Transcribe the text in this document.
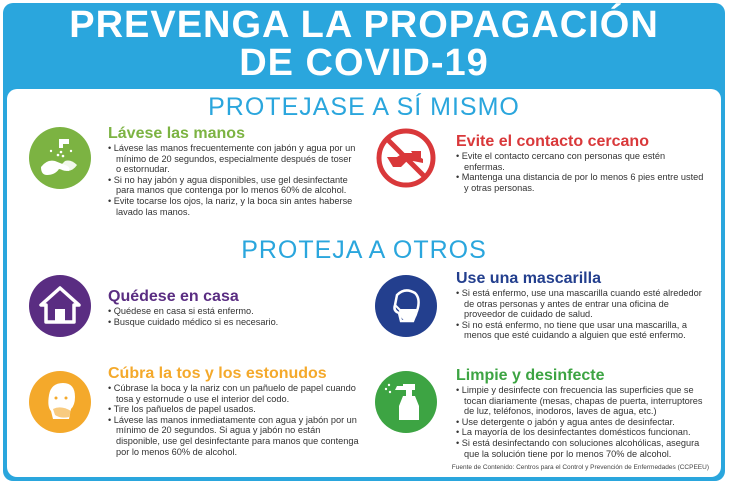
PREVENGA LA PROPAGACIÓN
DE COVID-19
PROTEJASE A SÍ MISMO
Lávese las manos
• Lávese las manos frecuentemente con jabón y agua por un mínimo de 20 segundos, especialmente después de toser o estornudar.
• Si no hay jabón y agua disponibles, use gel desinfectante para manos que contenga por lo menos 60% de alcohol.
• Evite tocarse los ojos, la nariz, y la boca sin antes haberse lavado las manos.
Evite el contacto cercano
• Evite el contacto cercano con personas que estén enfermas.
• Mantenga una distancia de por lo menos 6 pies entre usted y otras personas.
PROTEJA A OTROS
Quédese en casa
• Quédese en casa si está enfermo.
• Busque cuidado médico si es necesario.
Use una mascarilla
• Si está enfermo, use una mascarilla cuando esté alrededor de otras personas y antes de entrar una oficina de proveedor de cuidado de salud.
• Si no está enfermo, no tiene que usar una mascarilla, a menos que esté cuidando a alguien que esté enfermo.
Cúbra la tos y los estonudos
• Cúbrase la boca y la nariz con un pañuelo de papel cuando tosa y estornude o use el interior del codo.
• Tire los pañuelos de papel usados.
• Lávese las manos inmediatamente con agua y jabón por un mínimo de 20 segundos. Si agua y jabón no están disponible, use gel desinfectante para manos que contenga por lo menos 60% de alcohol.
Limpie y desinfecte
• Limpie y desinfecte con frecuencia las superficies que se tocan diariamente (mesas, chapas de puerta, interruptores de luz, teléfonos, inodoros, laves de agua, etc.)
• Use detergente o jabón y agua antes de desinfectar.
• La mayoría de los desinfectantes domésticos funcionan.
• Si está desinfectando con soluciones alcohólicas, asegura que la solución tiene por lo menos 70% de alcohol.
Fuente de Contenido: Centros para el Control y Prevención de Enfermedades (CCPEEU)
